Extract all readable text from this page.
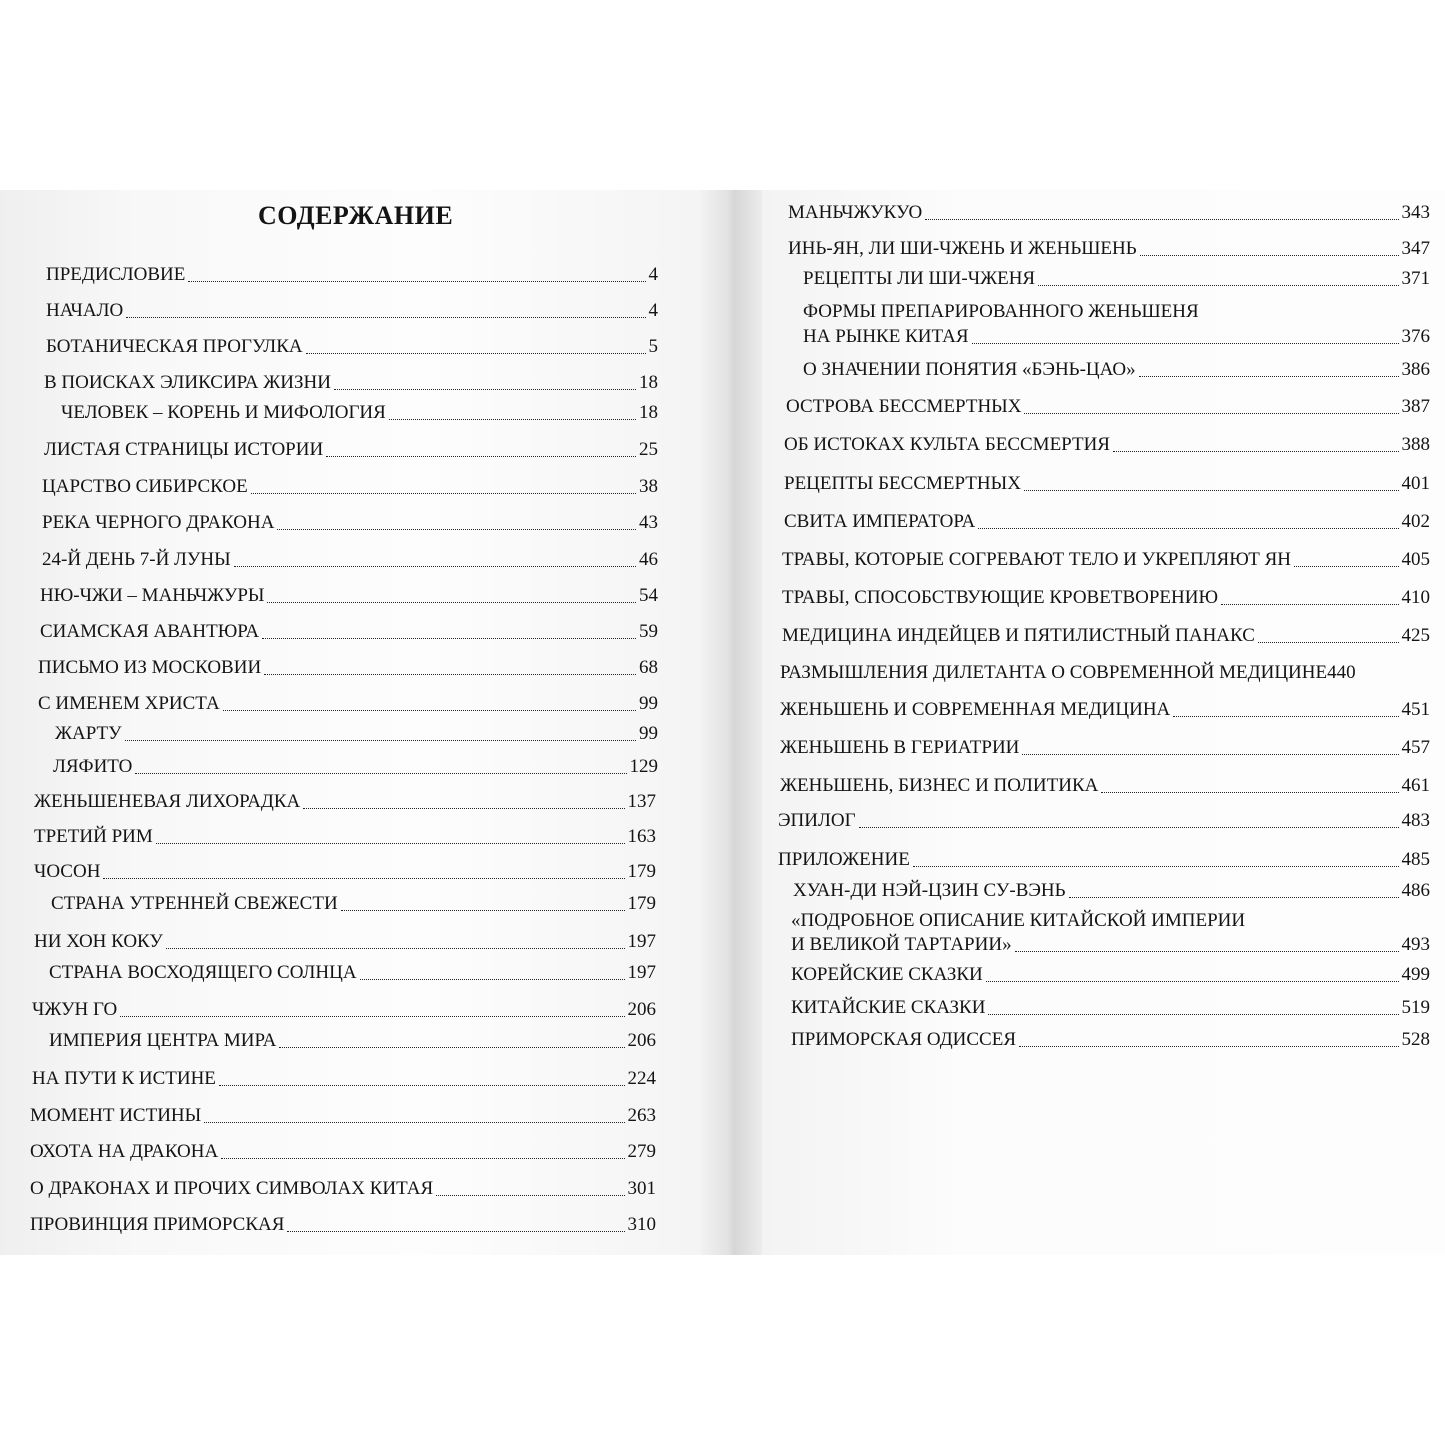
СОДЕРЖАНИЕ
ПРЕДИСЛОВИЕ	4
НАЧАЛО	4
БОТАНИЧЕСКАЯ ПРОГУЛКА	5
В ПОИСКАХ ЭЛИКСИРА ЖИЗНИ	18
ЧЕЛОВЕК – КОРЕНЬ И МИФОЛОГИЯ	18
ЛИСТАЯ СТРАНИЦЫ ИСТОРИИ	25
ЦАРСТВО СИБИРСКОЕ	38
РЕКА ЧЕРНОГО ДРАКОНА	43
24-Й ДЕНЬ 7-Й ЛУНЫ	46
НЮ-ЧЖИ – МАНЬЧЖУРЫ	54
СИАМСКАЯ АВАНТЮРА	59
ПИСЬМО ИЗ МОСКОВИИ	68
С ИМЕНЕМ ХРИСТА	99
ЖАРТУ	99
ЛЯФИТО	129
ЖЕНЬШЕНЕВАЯ ЛИХОРАДКА	137
ТРЕТИЙ РИМ	163
ЧОСОН	179
СТРАНА УТРЕННЕЙ СВЕЖЕСТИ	179
НИ ХОН КОКУ	197
СТРАНА ВОСХОДЯЩЕГО СОЛНЦА	197
ЧЖУН ГО	206
ИМПЕРИЯ ЦЕНТРА МИРА	206
НА ПУТИ К ИСТИНЕ	224
МОМЕНТ ИСТИНЫ	263
ОХОТА НА ДРАКОНА	279
О ДРАКОНАХ И ПРОЧИХ СИМВОЛАХ КИТАЯ	301
ПРОВИНЦИЯ ПРИМОРСКАЯ	310
МАНЬЧЖУКУО	343
ИНЬ-ЯН, ЛИ ШИ-ЧЖЕНЬ И ЖЕНЬШЕНЬ	347
РЕЦЕПТЫ ЛИ ШИ-ЧЖЕНЯ	371
ФОРМЫ ПРЕПАРИРОВАННОГО ЖЕНЬШЕНЯ
НА РЫНКЕ КИТАЯ	376
О ЗНАЧЕНИИ ПОНЯТИЯ «БЭНЬ-ЦАО»	386
ОСТРОВА БЕССМЕРТНЫХ	387
ОБ ИСТОКАХ КУЛЬТА БЕССМЕРТИЯ	388
РЕЦЕПТЫ БЕССМЕРТНЫХ	401
СВИТА ИМПЕРАТОРА	402
ТРАВЫ, КОТОРЫЕ СОГРЕВАЮТ ТЕЛО И УКРЕПЛЯЮТ ЯН	405
ТРАВЫ, СПОСОБСТВУЮЩИЕ КРОВЕТВОРЕНИЮ	410
МЕДИЦИНА ИНДЕЙЦЕВ И ПЯТИЛИСТНЫЙ ПАНАКС	425
РАЗМЫШЛЕНИЯ ДИЛЕТАНТА О СОВРЕМЕННОЙ МЕДИЦИНЕ 440
ЖЕНЬШЕНЬ И СОВРЕМЕННАЯ МЕДИЦИНА	451
ЖЕНЬШЕНЬ В ГЕРИАТРИИ	457
ЖЕНЬШЕНЬ, БИЗНЕС И ПОЛИТИКА	461
ЭПИЛОГ	483
ПРИЛОЖЕНИЕ	485
ХУАН-ДИ НЭЙ-ЦЗИН СУ-ВЭНЬ	486
«ПОДРОБНОЕ ОПИСАНИЕ КИТАЙСКОЙ ИМПЕРИИ
И ВЕЛИКОЙ ТАРТАРИИ»	493
КОРЕЙСКИЕ СКАЗКИ	499
КИТАЙСКИЕ СКАЗКИ	519
ПРИМОРСКАЯ ОДИССЕЯ	528
